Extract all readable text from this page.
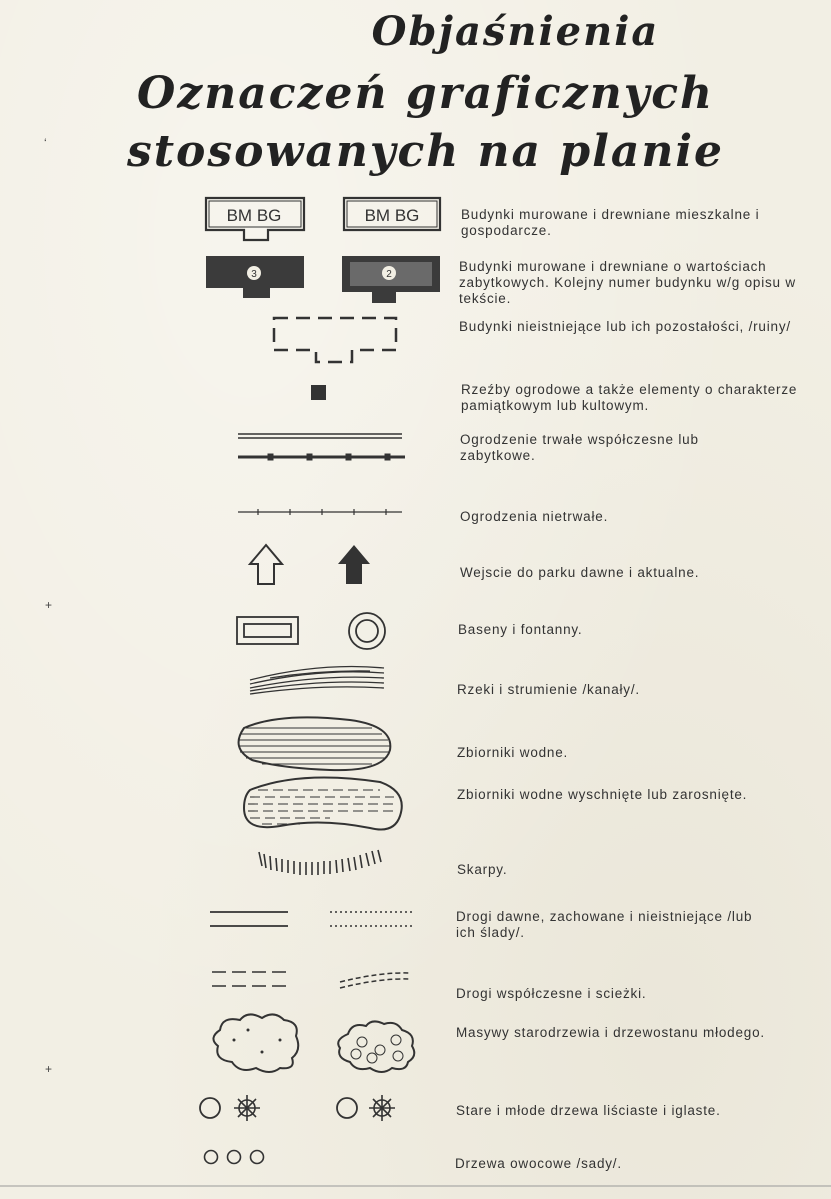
Objaśnienia
Oznaczeń graficznych
stosowanych na planie
BM BG	BM BG
3	2
Budynki murowane i drewniane mieszkalne i gospodarcze.
Budynki murowane i drewniane o wartościach zabytkowych. Kolejny numer budynku w/g opisu w tekście.
Budynki nieistniejące lub ich pozostałości, /ruiny/
Rzeźby ogrodowe a także elementy o charakterze pamiątkowym lub kultowym.
Ogrodzenie trwałe współczesne lub zabytkowe.
Ogrodzenia nietrwałe.
Wejscie do parku dawne i aktualne.
Baseny i fontanny.
Rzeki i strumienie /kanały/.
Zbiorniki wodne.
Zbiorniki wodne wyschnięte lub zarosnięte.
Skarpy.
Drogi dawne, zachowane i nieistniejące /lub ich ślady/.
Drogi współczesne i scieżki.
Masywy starodrzewia i drzewostanu młodego.
Stare i młode drzewa liściaste i iglaste.
Drzewa owocowe /sady/.
‘
+
+
